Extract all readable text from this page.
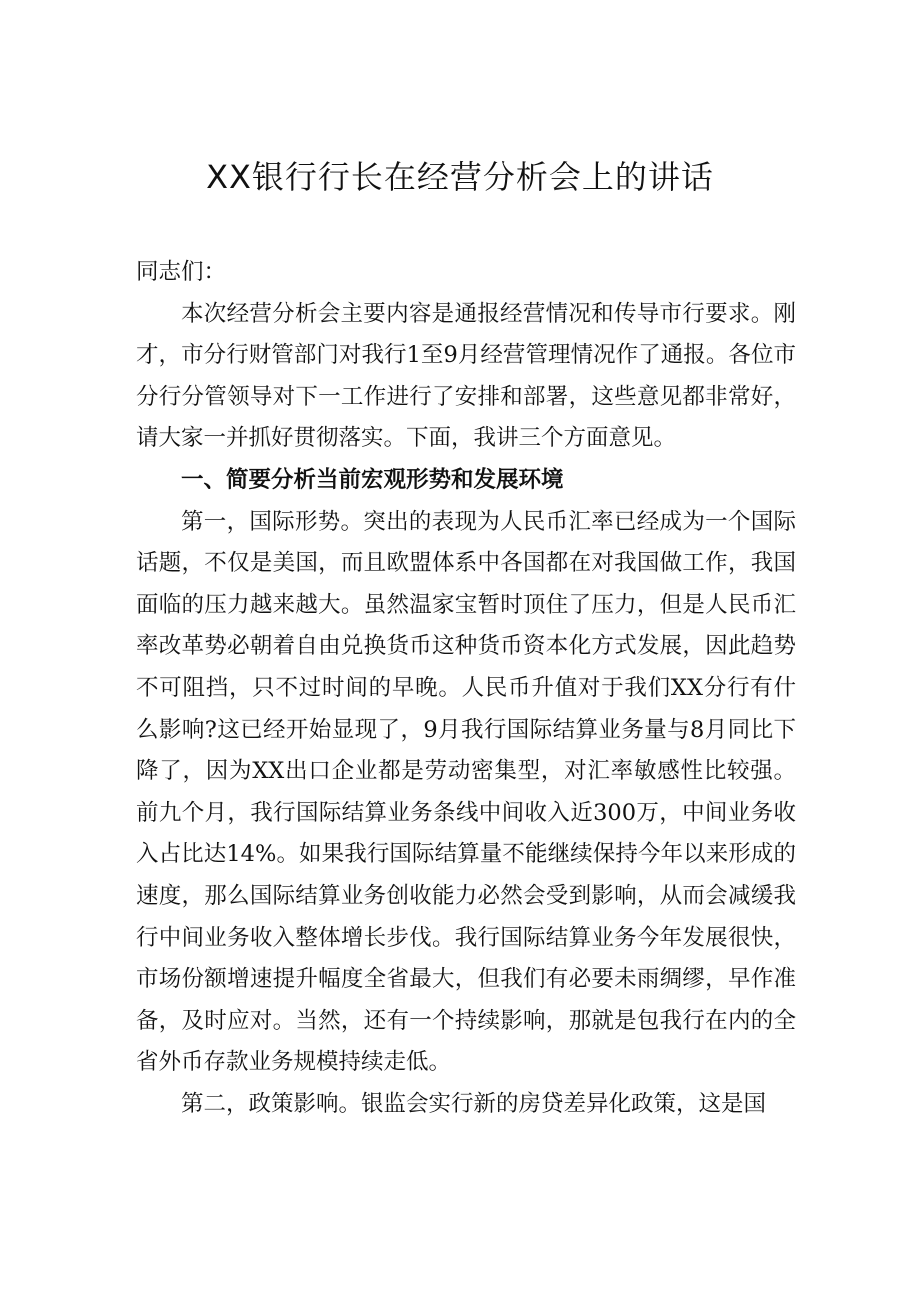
XX银行行长在经营分析会上的讲话

同志们：

本次经营分析会主要内容是通报经营情况和传导市行要求。刚才，市分行财管部门对我行1至9月经营管理情况作了通报。各位市分行分管领导对下一工作进行了安排和部署，这些意见都非常好，请大家一并抓好贯彻落实。下面，我讲三个方面意见。

一、简要分析当前宏观形势和发展环境

第一，国际形势。突出的表现为人民币汇率已经成为一个国际话题，不仅是美国，而且欧盟体系中各国都在对我国做工作，我国面临的压力越来越大。虽然温家宝暂时顶住了压力，但是人民币汇率改革势必朝着自由兑换货币这种货币资本化方式发展，因此趋势不可阻挡，只不过时间的早晚。人民币升值对于我们XX分行有什么影响?这已经开始显现了，9月我行国际结算业务量与8月同比下降了，因为XX出口企业都是劳动密集型，对汇率敏感性比较强。前九个月，我行国际结算业务条线中间收入近300万，中间业务收入占比达14%。如果我行国际结算量不能继续保持今年以来形成的速度，那么国际结算业务创收能力必然会受到影响，从而会减缓我行中间业务收入整体增长步伐。我行国际结算业务今年发展很快，市场份额增速提升幅度全省最大，但我们有必要未雨绸缪，早作准备，及时应对。当然，还有一个持续影响，那就是包我行在内的全省外币存款业务规模持续走低。

第二，政策影响。银监会实行新的房贷差异化政策，这是国
